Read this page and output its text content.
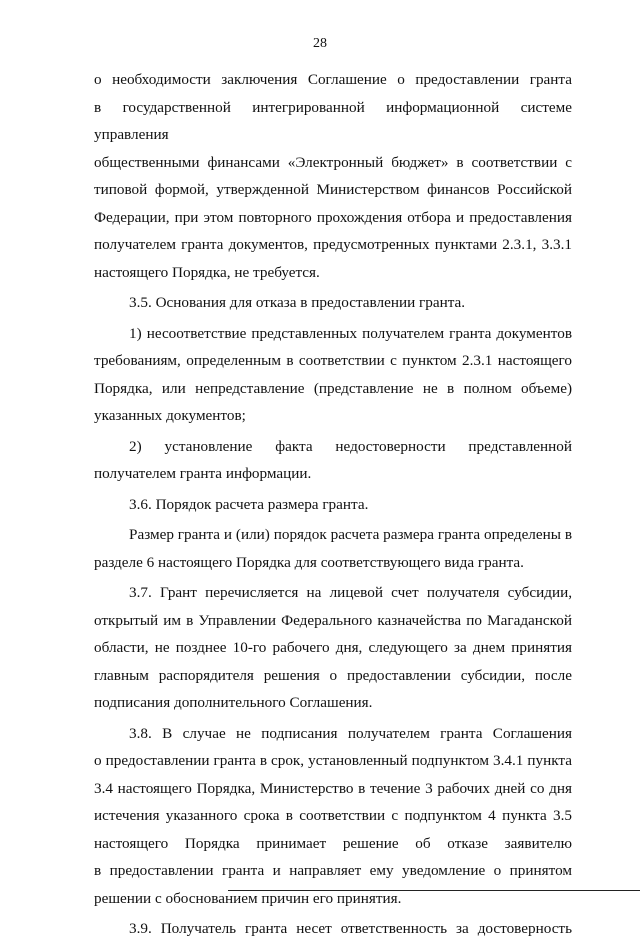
28
о необходимости заключения Соглашение о предоставлении гранта
в государственной интегрированной информационной системе управления
общественными финансами «Электронный бюджет» в соответствии с
типовой формой, утвержденной Министерством финансов Российской
Федерации, при этом повторного прохождения отбора и предоставления
получателем гранта документов, предусмотренных пунктами 2.3.1, 3.3.1
настоящего Порядка, не требуется.
3.5. Основания для отказа в предоставлении гранта.
1) несоответствие представленных получателем гранта документов
требованиям, определенным в соответствии с пунктом 2.3.1 настоящего
Порядка, или непредставление (представление не в полном объеме)
указанных документов;
2) установление факта недостоверности представленной
получателем гранта информации.
3.6. Порядок расчета размера гранта.
Размер гранта и (или) порядок расчета размера гранта определены в
разделе 6 настоящего Порядка для соответствующего вида гранта.
3.7. Грант перечисляется на лицевой счет получателя субсидии,
открытый им в Управлении Федерального казначейства по Магаданской
области, не позднее 10-го рабочего дня, следующего за днем принятия
главным распорядителя решения о предоставлении субсидии, после
подписания дополнительного Соглашения.
3.8. В случае не подписания получателем гранта Соглашения
о предоставлении гранта в срок, установленный подпунктом 3.4.1 пункта
3.4 настоящего Порядка, Министерство в течение 3 рабочих дней со дня
истечения указанного срока в соответствии с подпунктом 4 пункта 3.5
настоящего Порядка принимает решение об отказе заявителю
в предоставлении гранта и направляет ему уведомление о принятом
решении с обоснованием причин его принятия.
3.9. Получатель гранта несет ответственность за достоверность
